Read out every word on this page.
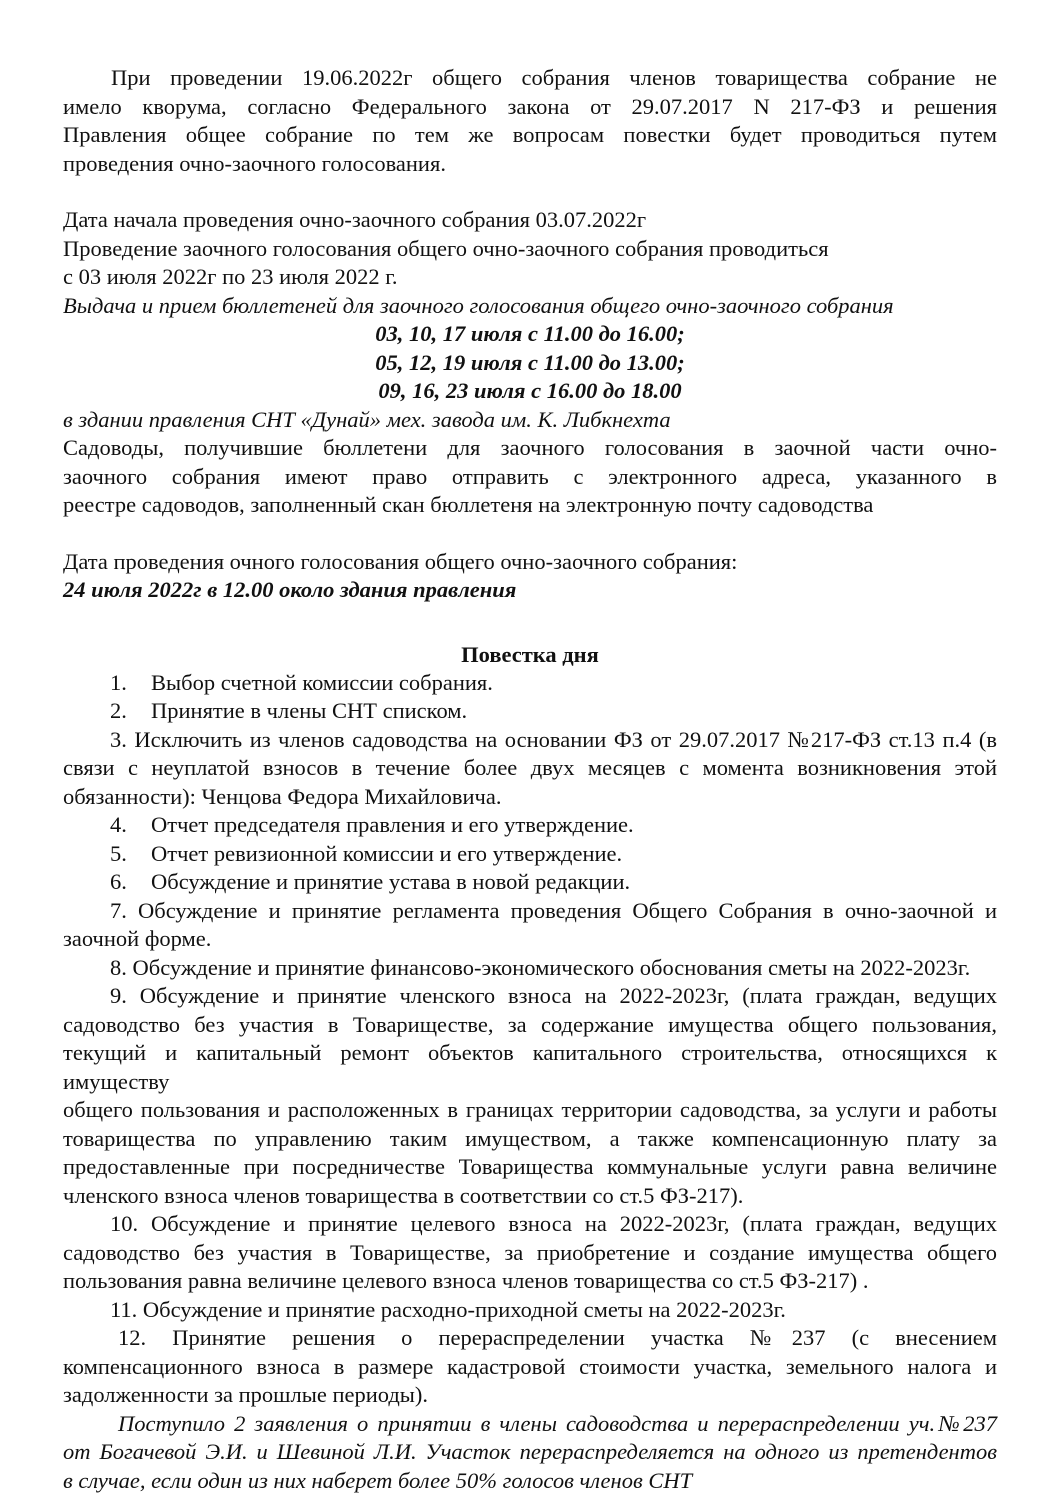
При проведении 19.06.2022г общего собрания членов товарищества собрание не

имело кворума, согласно Федерального закона от 29.07.2017 N 217-ФЗ и решения

Правления общее собрание по тем же вопросам повестки будет проводиться путем

проведения очно-заочного голосования.

Дата начала проведения очно-заочного собрания 03.07.2022г

Проведение заочного голосования общего очно-заочного собрания проводиться

с 03 июля 2022г по 23 июля 2022 г.

Выдача и прием бюллетеней для заочного голосования общего очно-заочного собрания

03, 10, 17 июля с 11.00 до 16.00;

05, 12, 19 июля с 11.00 до 13.00;

09, 16, 23 июля с 16.00 до 18.00

в здании правления СНТ «Дунай» мех. завода им. К. Либкнехта

Садоводы, получившие бюллетени для заочного голосования в заочной части очно-

заочного собрания имеют право отправить с электронного адреса, указанного в

реестре садоводов, заполненный скан бюллетеня на электронную почту садоводства

Дата проведения очного голосования общего очно-заочного собрания:

24 июля 2022г в 12.00 около здания правления

Повестка дня

1.	Выбор счетной комиссии собрания.
2.	Принятие в члены СНТ списком.

3. Исключить из членов садоводства на основании ФЗ от 29.07.2017 №217-ФЗ ст.13 п.4 (в

связи с неуплатой взносов в течение более двух месяцев с момента возникновения этой

обязанности): Ченцова Федора Михайловича.

4.	Отчет председателя правления и его утверждение.
5.	Отчет ревизионной комиссии и его утверждение.
6.	Обсуждение и принятие устава в новой редакции.

7. Обсуждение и принятие регламента проведения Общего Собрания в очно-заочной и

заочной форме.

8. Обсуждение и принятие финансово-экономического обоснования сметы на 2022-2023г.

9. Обсуждение и принятие членского взноса на 2022-2023г, (плата граждан, ведущих

садоводство без участия в Товариществе, за содержание имущества общего пользования,

текущий и капитальный ремонт объектов капитального строительства, относящихся к имуществу

общего пользования и расположенных в границах территории садоводства, за услуги и работы

товарищества по управлению таким имуществом, а также компенсационную плату за

предоставленные при посредничестве Товарищества коммунальные услуги равна величине

членского взноса членов товарищества в соответствии со ст.5 ФЗ-217).

10. Обсуждение и принятие целевого взноса на 2022-2023г, (плата граждан, ведущих

садоводство без участия в Товариществе, за приобретение и создание имущества общего

пользования равна величине целевого взноса членов товарищества со ст.5 ФЗ-217) .

11. Обсуждение и принятие расходно-приходной сметы на 2022-2023г.

12. Принятие решения о перераспределении участка №237 (с внесением

компенсационного взноса в размере кадастровой стоимости участка, земельного налога и

задолженности за прошлые периоды).

Поступило 2 заявления о принятии в члены садоводства и перераспределении уч.№237

от Богачевой Э.И. и Шевиной Л.И. Участок перераспределяется на одного из претендентов

в случае, если один из них наберет более 50% голосов членов СНТ
